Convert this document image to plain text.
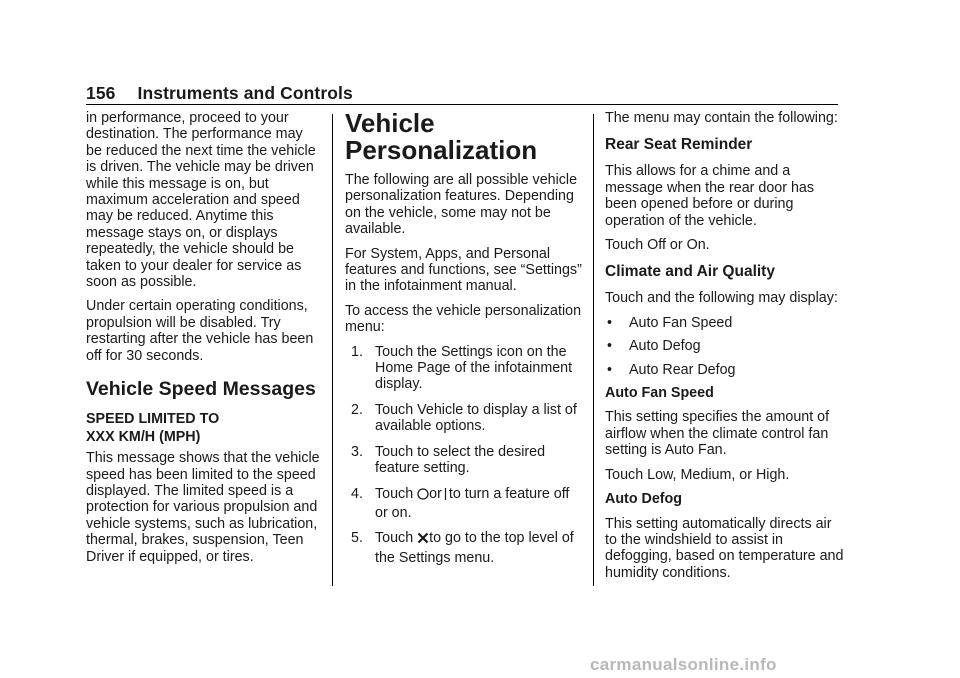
156 Instruments and Controls

in performance, proceed to your destination. The performance may be reduced the next time the vehicle is driven. The vehicle may be driven while this message is on, but maximum acceleration and speed may be reduced. Anytime this message stays on, or displays repeatedly, the vehicle should be taken to your dealer for service as soon as possible.

Under certain operating conditions, propulsion will be disabled. Try restarting after the vehicle has been off for 30 seconds.

Vehicle Speed Messages
SPEED LIMITED TO
XXX KM/H (MPH)

This message shows that the vehicle speed has been limited to the speed displayed. The limited speed is a protection for various propulsion and vehicle systems, such as lubrication, thermal, brakes, suspension, Teen Driver if equipped, or tires.

Vehicle
Personalization

The following are all possible vehicle personalization features. Depending on the vehicle, some may not be available.

For System, Apps, and Personal features and functions, see “Settings” in the infotainment manual.

To access the vehicle personalization menu:

1. Touch the Settings icon on the Home Page of the infotainment display.
2. Touch Vehicle to display a list of available options.
3. Touch to select the desired feature setting.
4. Touch or to turn a feature off or on.
5. Touch to go to the top level of the Settings menu.

The menu may contain the following:

Rear Seat Reminder

This allows for a chime and a message when the rear door has been opened before or during operation of the vehicle.

Touch Off or On.

Climate and Air Quality

Touch and the following may display:

• Auto Fan Speed
• Auto Defog
• Auto Rear Defog

Auto Fan Speed

This setting specifies the amount of airflow when the climate control fan setting is Auto Fan.

Touch Low, Medium, or High.

Auto Defog

This setting automatically directs air to the windshield to assist in defogging, based on temperature and humidity conditions.

carmanualsonline.info
